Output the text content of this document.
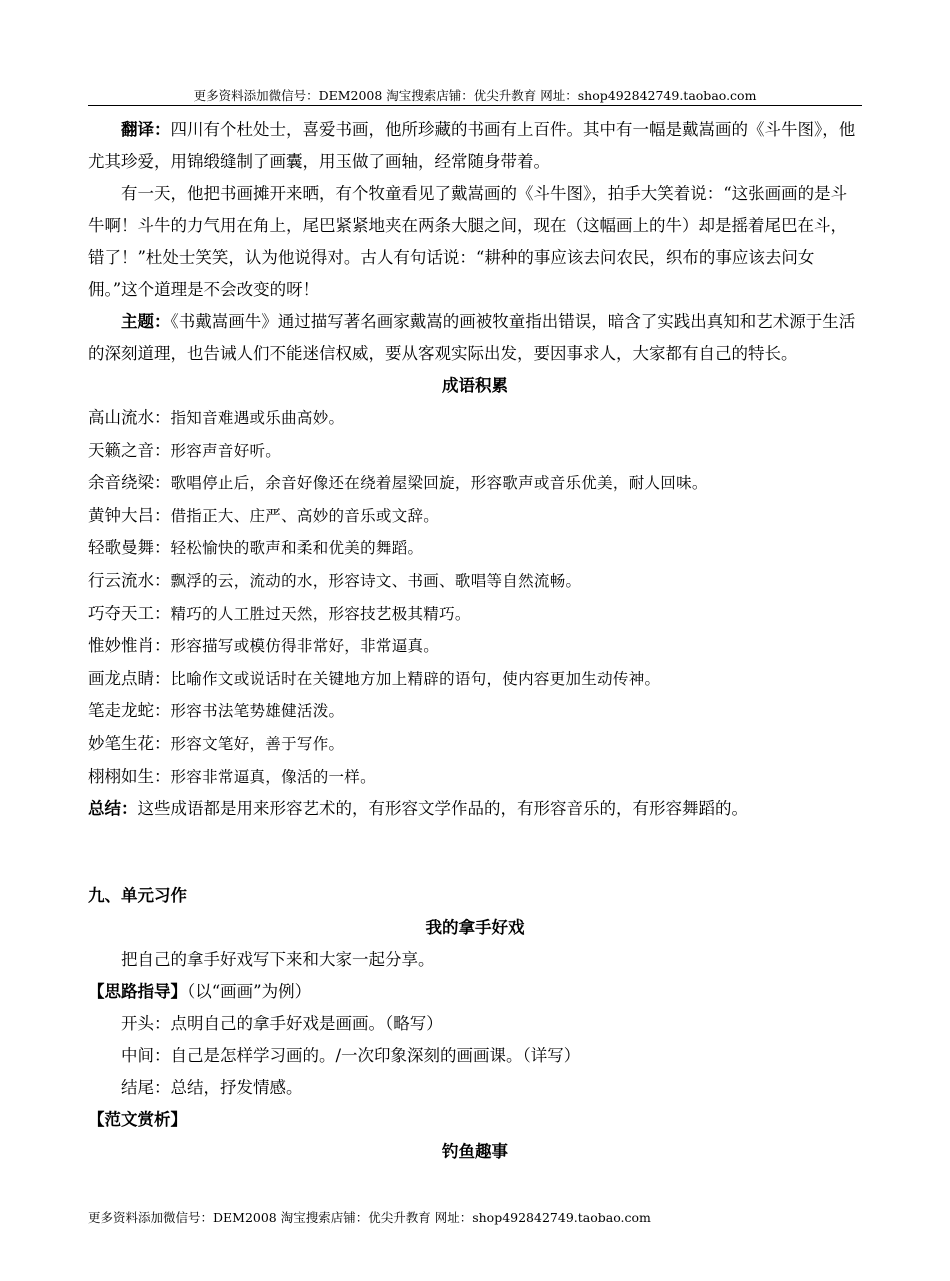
更多资料添加微信号：DEM2008 淘宝搜索店铺：优尖升教育 网址：shop492842749.taobao.com

翻译：四川有个杜处士，喜爱书画，他所珍藏的书画有上百件。其中有一幅是戴嵩画的《斗牛图》，他尤其珍爱，用锦缎缝制了画囊，用玉做了画轴，经常随身带着。

有一天，他把书画摊开来晒，有个牧童看见了戴嵩画的《斗牛图》，拍手大笑着说：“这张画画的是斗牛啊！斗牛的力气用在角上，尾巴紧紧地夹在两条大腿之间，现在（这幅画上的牛）却是摇着尾巴在斗，错了！”杜处士笑笑，认为他说得对。古人有句话说：“耕种的事应该去问农民，织布的事应该去问女佣。”这个道理是不会改变的呀！

主题：《书戴嵩画牛》通过描写著名画家戴嵩的画被牧童指出错误，暗含了实践出真知和艺术源于生活的深刻道理，也告诫人们不能迷信权威，要从客观实际出发，要因事求人，大家都有自己的特长。

成语积累

高山流水：指知音难遇或乐曲高妙。

天籁之音：形容声音好听。

余音绕梁：歌唱停止后，余音好像还在绕着屋梁回旋，形容歌声或音乐优美，耐人回味。

黄钟大吕：借指正大、庄严、高妙的音乐或文辞。

轻歌曼舞：轻松愉快的歌声和柔和优美的舞蹈。

行云流水：飘浮的云，流动的水，形容诗文、书画、歌唱等自然流畅。

巧夺天工：精巧的人工胜过天然，形容技艺极其精巧。

惟妙惟肖：形容描写或模仿得非常好，非常逼真。

画龙点睛：比喻作文或说话时在关键地方加上精辟的语句，使内容更加生动传神。

笔走龙蛇：形容书法笔势雄健活泼。

妙笔生花：形容文笔好，善于写作。

栩栩如生：形容非常逼真，像活的一样。

总结：这些成语都是用来形容艺术的，有形容文学作品的，有形容音乐的，有形容舞蹈的。

九、单元习作

我的拿手好戏

把自己的拿手好戏写下来和大家一起分享。

【思路指导】（以“画画”为例）

开头：点明自己的拿手好戏是画画。（略写）

中间：自己是怎样学习画的。/一次印象深刻的画画课。（详写）

结尾：总结，抒发情感。

【范文赏析】

钓鱼趣事

更多资料添加微信号：DEM2008 淘宝搜索店铺：优尖升教育 网址：shop492842749.taobao.com
